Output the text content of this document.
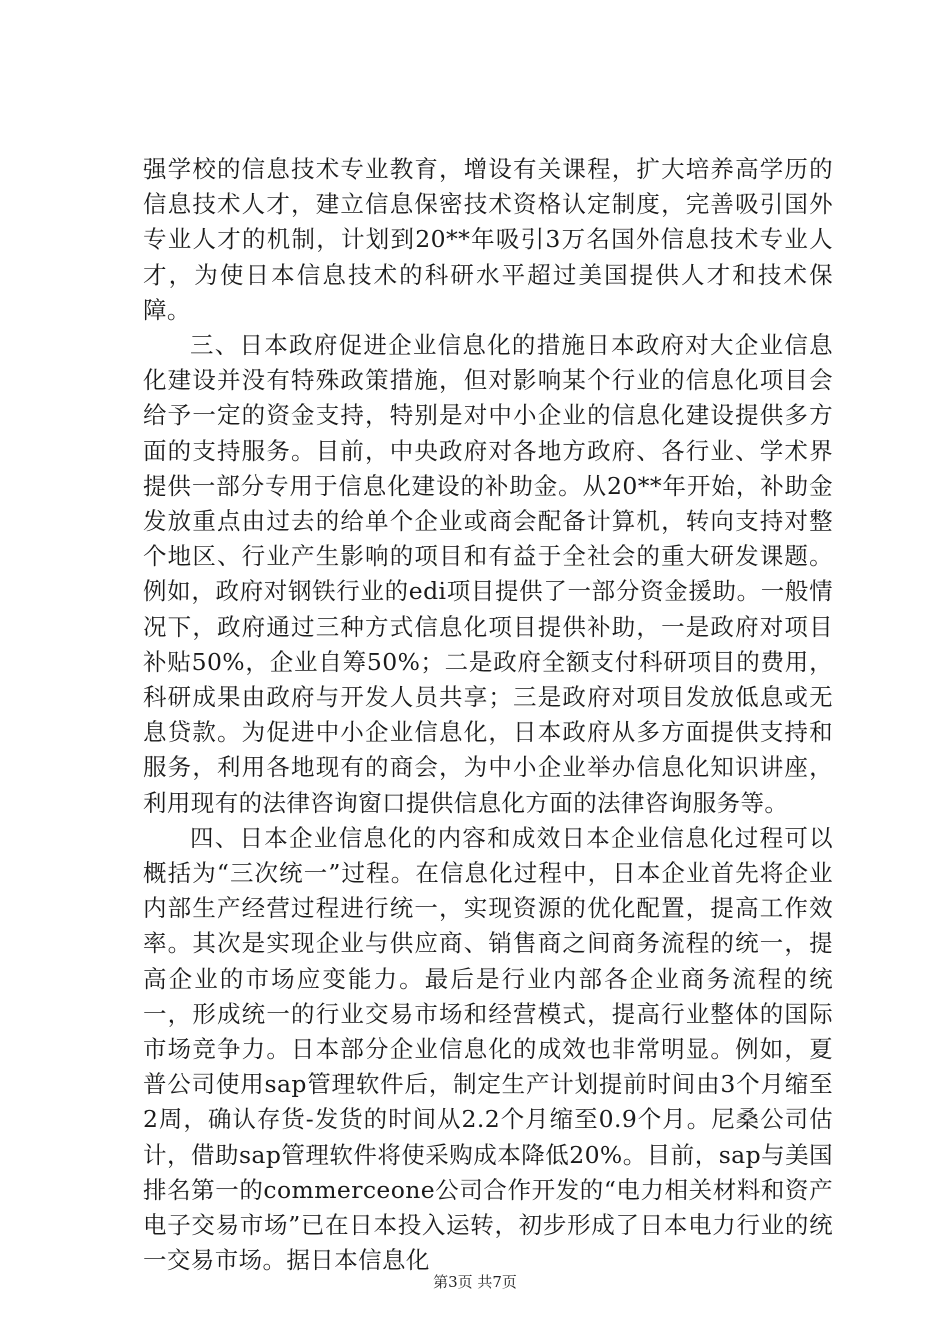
强学校的信息技术专业教育，增设有关课程，扩大培养高学历的信息技术人才，建立信息保密技术资格认定制度，完善吸引国外专业人才的机制，计划到20**年吸引3万名国外信息技术专业人才，为使日本信息技术的科研水平超过美国提供人才和技术保障。

三、日本政府促进企业信息化的措施日本政府对大企业信息化建设并没有特殊政策措施，但对影响某个行业的信息化项目会给予一定的资金支持，特别是对中小企业的信息化建设提供多方面的支持服务。目前，中央政府对各地方政府、各行业、学术界提供一部分专用于信息化建设的补助金。从20**年开始，补助金发放重点由过去的给单个企业或商会配备计算机，转向支持对整个地区、行业产生影响的项目和有益于全社会的重大研发课题。例如，政府对钢铁行业的edi项目提供了一部分资金援助。一般情况下，政府通过三种方式信息化项目提供补助，一是政府对项目补贴50%，企业自筹50%；二是政府全额支付科研项目的费用，科研成果由政府与开发人员共享；三是政府对项目发放低息或无息贷款。为促进中小企业信息化，日本政府从多方面提供支持和服务，利用各地现有的商会，为中小企业举办信息化知识讲座，利用现有的法律咨询窗口提供信息化方面的法律咨询服务等。

四、日本企业信息化的内容和成效日本企业信息化过程可以概括为“三次统一”过程。在信息化过程中，日本企业首先将企业内部生产经营过程进行统一，实现资源的优化配置，提高工作效率。其次是实现企业与供应商、销售商之间商务流程的统一，提高企业的市场应变能力。最后是行业内部各企业商务流程的统一，形成统一的行业交易市场和经营模式，提高行业整体的国际市场竞争力。日本部分企业信息化的成效也非常明显。例如，夏普公司使用sap管理软件后，制定生产计划提前时间由3个月缩至2周，确认存货-发货的时间从2.2个月缩至0.9个月。尼桑公司估计，借助sap管理软件将使采购成本降低20%。目前，sap与美国排名第一的commerceone公司合作开发的“电力相关材料和资产电子交易市场”已在日本投入运转，初步形成了日本电力行业的统一交易市场。据日本信息化

第3页 共7页
